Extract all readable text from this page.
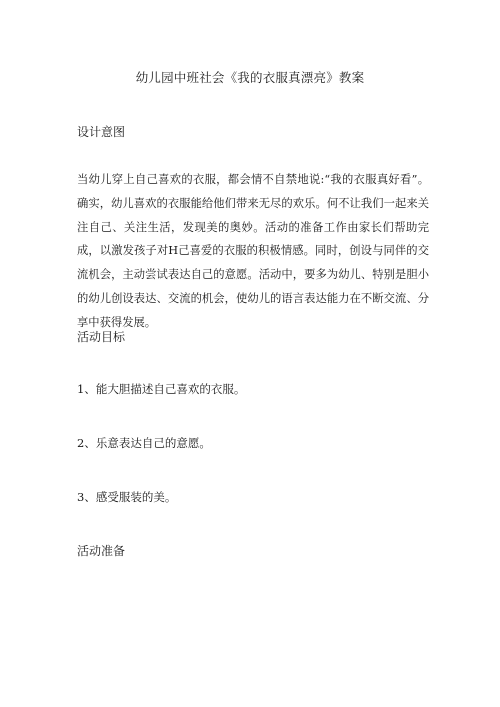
幼儿园中班社会《我的衣服真漂亮》教案
设计意图
当幼儿穿上自己喜欢的衣服，都会情不自禁地说:“我的衣服真好看”。确实，幼儿喜欢的衣服能给他们带来无尽的欢乐。何不让我们一起来关注自己、关注生活，发现美的奥妙。活动的准备工作由家长们帮助完成，以激发孩子对H己喜爱的衣服的积极情感。同时，创设与同伴的交流机会，主动尝试表达自己的意愿。活动中，要多为幼儿、特别是胆小的幼儿创设表达、交流的机会，使幼儿的语言表达能力在不断交流、分享中获得发展。
活动目标
1、能大胆描述自己喜欢的衣服。
2、乐意表达自己的意愿。
3、感受服装的美。
活动准备
